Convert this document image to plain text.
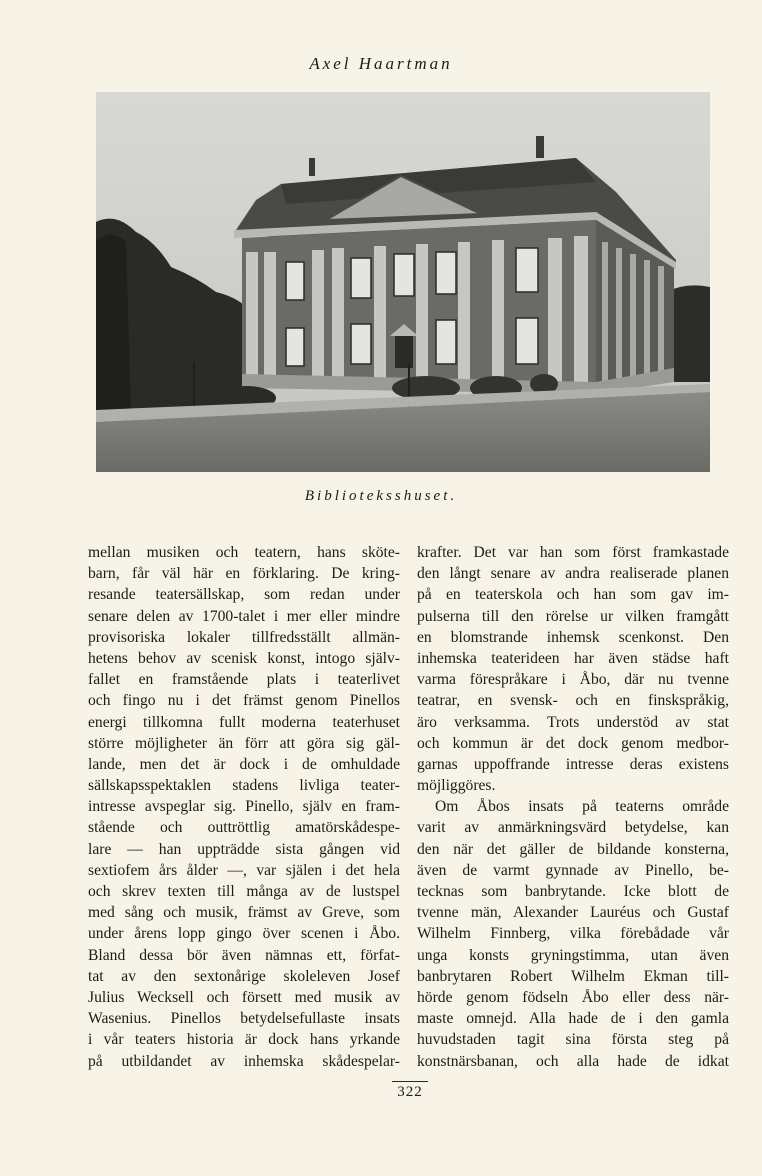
Axel Haartman
Biblioteksshuset.
mellan musiken och teatern, hans sköte-
barn, får väl här en förklaring. De kring-
resande teatersällskap, som redan under
senare delen av 1700-talet i mer eller mindre
provisoriska lokaler tillfredsställt allmän-
hetens behov av scenisk konst, intogo själv-
fallet en framstående plats i teaterlivet
och fingo nu i det främst genom Pinellos
energi tillkomna fullt moderna teaterhuset
större möjligheter än förr att göra sig gäl-
lande, men det är dock i de omhuldade
sällskapsspektaklen stadens livliga teater-
intresse avspeglar sig. Pinello, själv en fram-
stående och outtröttlig amatörskådespe-
lare — han uppträdde sista gången vid
sextiofem års ålder —, var själen i det hela
och skrev texten till många av de lustspel
med sång och musik, främst av Greve, som
under årens lopp gingo över scenen i Åbo.
Bland dessa bör även nämnas ett, förfat-
tat av den sextonårige skoleleven Josef
Julius Wecksell och försett med musik av
Wasenius. Pinellos betydelsefullaste insats
i vår teaters historia är dock hans yrkande
på utbildandet av inhemska skådespelar-
krafter. Det var han som först framkastade
den långt senare av andra realiserade planen
på en teaterskola och han som gav im-
pulserna till den rörelse ur vilken framgått
en blomstrande inhemsk scenkonst. Den
inhemska teaterideen har även städse haft
varma förespråkare i Åbo, där nu tvenne
teatrar, en svensk- och en finskspråkig,
äro verksamma. Trots understöd av stat
och kommun är det dock genom medbor-
garnas uppoffrande intresse deras existens
möjliggöres.
Om Åbos insats på teaterns område
varit av anmärkningsvärd betydelse, kan
den när det gäller de bildande konsterna,
även de varmt gynnade av Pinello, be-
tecknas som banbrytande. Icke blott de
tvenne män, Alexander Lauréus och Gustaf
Wilhelm Finnberg, vilka förebådade vår
unga konsts gryningstimma, utan även
banbrytaren Robert Wilhelm Ekman till-
hörde genom födseln Åbo eller dess när-
maste omnejd. Alla hade de i den gamla
huvudstaden tagit sina första steg på
konstnärsbanan, och alla hade de idkat
322
